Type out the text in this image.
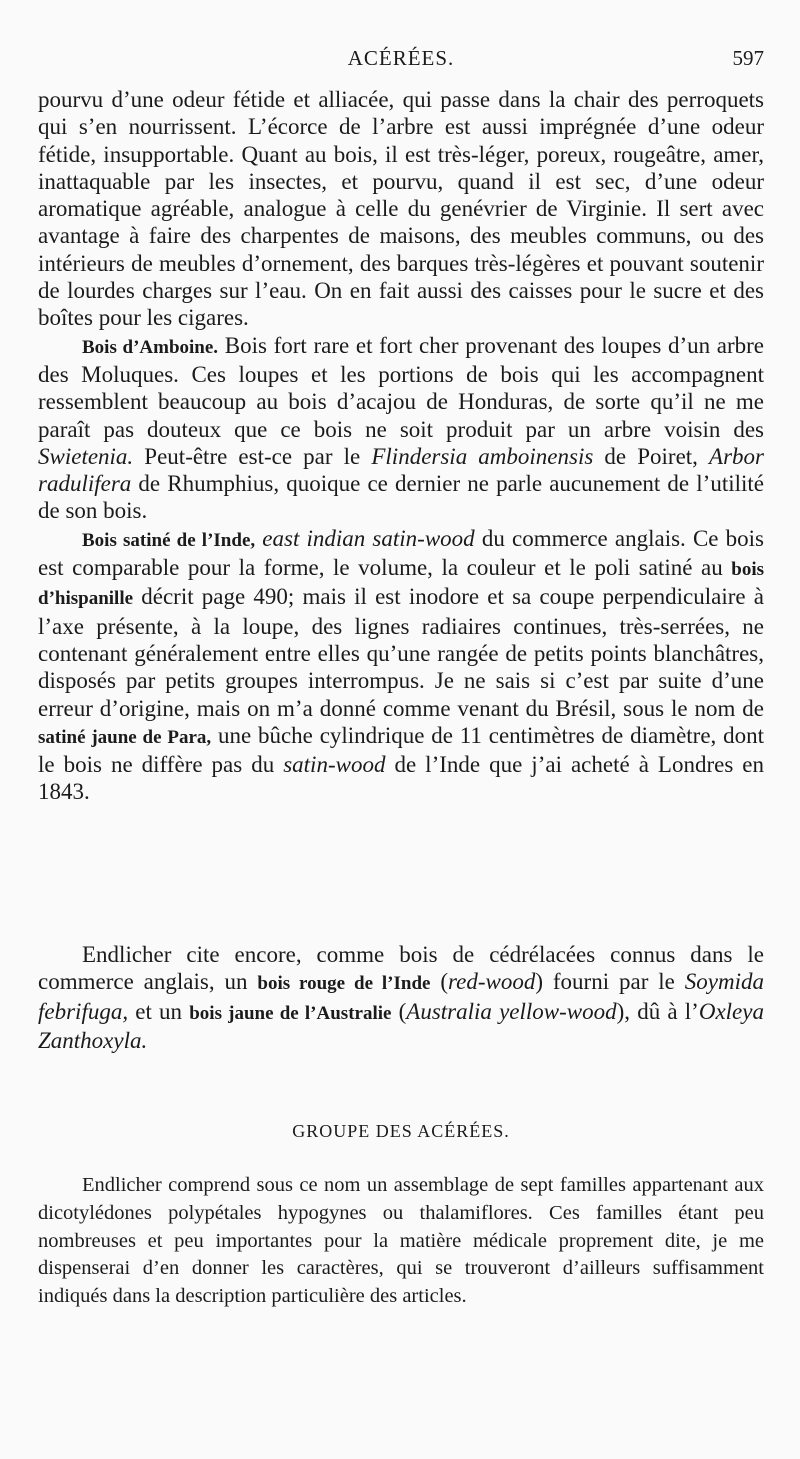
ACÉRÉES.	597

pourvu d’une odeur fétide et alliacée, qui passe dans la chair des perroquets qui s’en nourrissent. L’écorce de l’arbre est aussi imprégnée d’une odeur fétide, insupportable. Quant au bois, il est très-léger, poreux, rougeâtre, amer, inattaquable par les insectes, et pourvu, quand il est sec, d’une odeur aromatique agréable, analogue à celle du genévrier de Virginie. Il sert avec avantage à faire des charpentes de maisons, des meubles communs, ou des intérieurs de meubles d’ornement, des barques très-légères et pouvant soutenir de lourdes charges sur l’eau. On en fait aussi des caisses pour le sucre et des boîtes pour les cigares.

Bois d’Amboine. Bois fort rare et fort cher provenant des loupes d’un arbre des Moluques. Ces loupes et les portions de bois qui les accompagnent ressemblent beaucoup au bois d’acajou de Honduras, de sorte qu’il ne me paraît pas douteux que ce bois ne soit produit par un arbre voisin des Swietenia. Peut-être est-ce par le Flindersia amboinensis de Poiret, Arbor radulifera de Rhumphius, quoique ce dernier ne parle aucunement de l’utilité de son bois.

Bois satiné de l’Inde, east indian satin-wood du commerce anglais. Ce bois est comparable pour la forme, le volume, la couleur et le poli satiné au bois d’hispanille décrit page 490; mais il est inodore et sa coupe perpendiculaire à l’axe présente, à la loupe, des lignes radiaires continues, très-serrées, ne contenant généralement entre elles qu’une rangée de petits points blanchâtres, disposés par petits groupes interrompus. Je ne sais si c’est par suite d’une erreur d’origine, mais on m’a donné comme venant du Brésil, sous le nom de satiné jaune de Para, une bûche cylindrique de 11 centimètres de diamètre, dont le bois ne diffère pas du satin-wood de l’Inde que j’ai acheté à Londres en 1843.

Endlicher cite encore, comme bois de cédrélacées connus dans le commerce anglais, un bois rouge de l’Inde (red-wood) fourni par le Soymida febrifuga, et un bois jaune de l’Australie (Australia yellow-wood), dû à l’Oxleya Zanthoxyla.

GROUPE DES ACÉRÉES.

Endlicher comprend sous ce nom un assemblage de sept familles appartenant aux dicotylédones polypétales hypogynes ou thalamiflores. Ces familles étant peu nombreuses et peu importantes pour la matière médicale proprement dite, je me dispenserai d’en donner les caractères, qui se trouveront d’ailleurs suffisamment indiqués dans la description particulière des articles.
